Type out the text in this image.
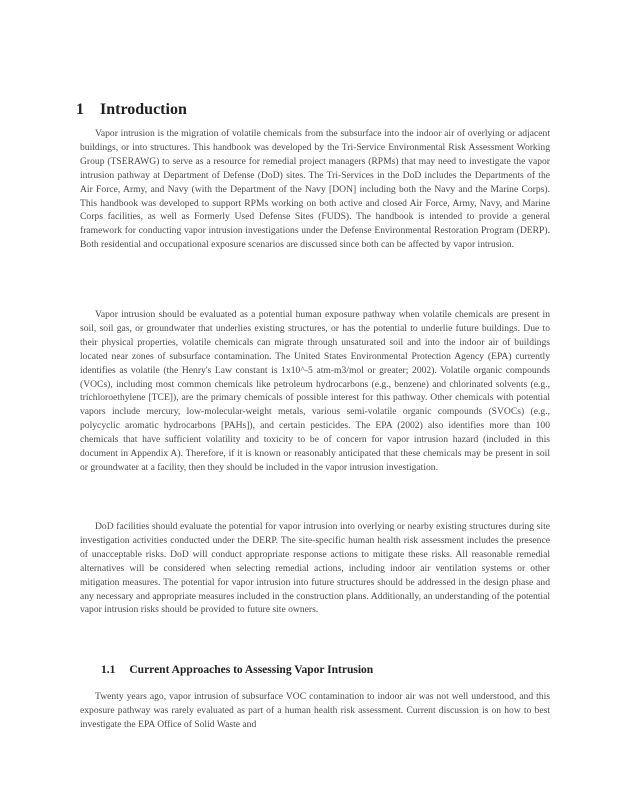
1 Introduction

Vapor intrusion is the migration of volatile chemicals from the subsurface into the indoor air of overlying or adjacent buildings, or into structures. This handbook was developed by the Tri-Service Environmental Risk Assessment Working Group (TSERAWG) to serve as a resource for remedial project managers (RPMs) that may need to investigate the vapor intrusion pathway at Department of Defense (DoD) sites. The Tri-Services in the DoD includes the Departments of the Air Force, Army, and Navy (with the Department of the Navy [DON] including both the Navy and the Marine Corps). This handbook was developed to support RPMs working on both active and closed Air Force, Army, Navy, and Marine Corps facilities, as well as Formerly Used Defense Sites (FUDS). The handbook is intended to provide a general framework for conducting vapor intrusion investigations under the Defense Environmental Restoration Program (DERP). Both residential and occupational exposure scenarios are discussed since both can be affected by vapor intrusion.

Vapor intrusion should be evaluated as a potential human exposure pathway when volatile chemicals are present in soil, soil gas, or groundwater that underlies existing structures, or has the potential to underlie future buildings. Due to their physical properties, volatile chemicals can migrate through unsaturated soil and into the indoor air of buildings located near zones of subsurface contamination. The United States Environmental Protection Agency (EPA) currently identifies as volatile (the Henry's Law constant is 1x10^-5 atm-m3/mol or greater; 2002). Volatile organic compounds (VOCs), including most common chemicals like petroleum hydrocarbons (e.g., benzene) and chlorinated solvents (e.g., trichloroethylene [TCE]), are the primary chemicals of possible interest for this pathway. Other chemicals with potential vapors include mercury, low-molecular-weight metals, various semi-volatile organic compounds (SVOCs) (e.g., polycyclic aromatic hydrocarbons [PAHs]), and certain pesticides. The EPA (2002) also identifies more than 100 chemicals that have sufficient volatility and toxicity to be of concern for vapor intrusion hazard (included in this document in Appendix A). Therefore, if it is known or reasonably anticipated that these chemicals may be present in soil or groundwater at a facility, then they should be included in the vapor intrusion investigation.

DoD facilities should evaluate the potential for vapor intrusion into overlying or nearby existing structures during site investigation activities conducted under the DERP. The site-specific human health risk assessment includes the presence of unacceptable risks. DoD will conduct appropriate response actions to mitigate these risks. All reasonable remedial alternatives will be considered when selecting remedial actions, including indoor air ventilation systems or other mitigation measures. The potential for vapor intrusion into future structures should be addressed in the design phase and any necessary and appropriate measures included in the construction plans. Additionally, an understanding of the potential vapor intrusion risks should be provided to future site owners.

1.1 Current Approaches to Assessing Vapor Intrusion

Twenty years ago, vapor intrusion of subsurface VOC contamination to indoor air was not well understood, and this exposure pathway was rarely evaluated as part of a human health risk assessment. Current discussion is on how to best investigate the EPA Office of Solid Waste and
